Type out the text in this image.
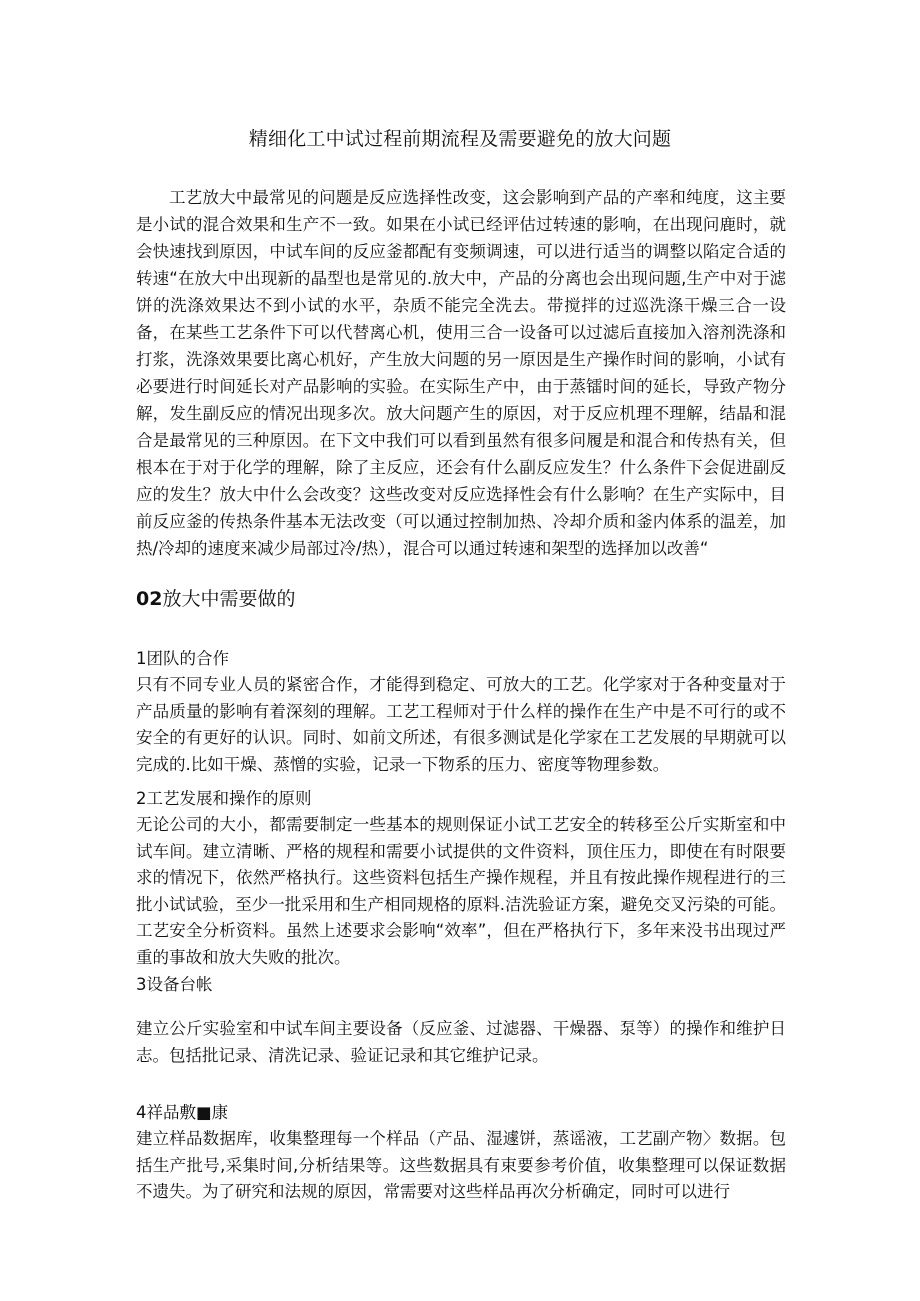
精细化工中试过程前期流程及需要避免的放大问题

工艺放大中最常见的问题是反应选择性改变，这会影响到产品的产率和纯度，这主要是小试的混合效果和生产不一致。如果在小试已经评估过转速的影响，在出现问鹿时，就会快速找到原因，中试车间的反应釜都配有变频调速，可以进行适当的调整以陷定合适的转速“在放大中出现新的晶型也是常见的.放大中，产品的分离也会出现问题,生产中对于滤饼的洗涤效果达不到小试的水平，杂质不能完全洗去。带搅拌的过巡洗涤干燥三合一设备，在某些工艺条件下可以代替离心机，使用三合一设备可以过滤后直接加入溶剂洗涤和打浆，洗涤效果要比离心机好，产生放大问题的另一原因是生产操作时间的影响，小试有必要进行时间延长对产品影响的实验。在实际生产中，由于蒸镭时间的延长，导致产物分解，发生副反应的情况出现多次。放大问题产生的原因，对于反应机理不理解，结晶和混合是最常见的三种原因。在下文中我们可以看到虽然有很多问履是和混合和传热有关，但根本在于对于化学的理解，除了主反应，还会有什么副反应发生？什么条件下会促进副反应的发生？放大中什么会改变？这些改变对反应选择性会有什么影响？在生产实际中，目前反应釜的传热条件基本无法改变（可以通过控制加热、冷却介质和釜内体系的温差，加热/冷却的速度来减少局部过冷/热），混合可以通过转速和架型的选择加以改善“

02放大中需要做的
1团队的合作

只有不同专业人员的紧密合作，才能得到稳定、可放大的工艺。化学家对于各种变量对于产品质量的影响有着深刻的理解。工艺工程师对于什么样的操作在生产中是不可行的或不安全的有更好的认识。同时、如前文所述，有很多测试是化学家在工艺发展的早期就可以完成的.比如干燥、蒸憎的实验，记录一下物系的压力、密度等物理参数。

2工艺发展和操作的原则

无论公司的大小，都需要制定一些基本的规则保证小试工艺安全的转移至公斤实斯室和中试车间。建立清晰、严格的规程和需要小试提供的文件资料，顶住压力，即使在有时限要求的情况下，依然严格执行。这些资料包括生产操作规程，并且有按此操作规程进行的三批小试试验，至少一批采用和生产相同规格的原料.洁洗验证方案，避免交叉污染的可能。工艺安全分析资料。虽然上述要求会影响“效率”，但在严格执行下，多年来没书出现过严重的事故和放大失败的批次。

3设备台帐

建立公斤实验室和中试车间主要设备（反应釜、过滤器、干燥器、泵等）的操作和维护日志。包括批记录、清洗记录、验证记录和其它维护记录。

4祥品敷■康

建立样品数据库，收集整理每一个样品（产品、湿遽饼，蒸谣液，工艺副产物〉数据。包括生产批号,采集时间,分析结果等。这些数据具有束要参考价值，收集整理可以保证数据不遗失。为了研究和法规的原因，常需要对这些样品再次分析确定，同时可以进行
